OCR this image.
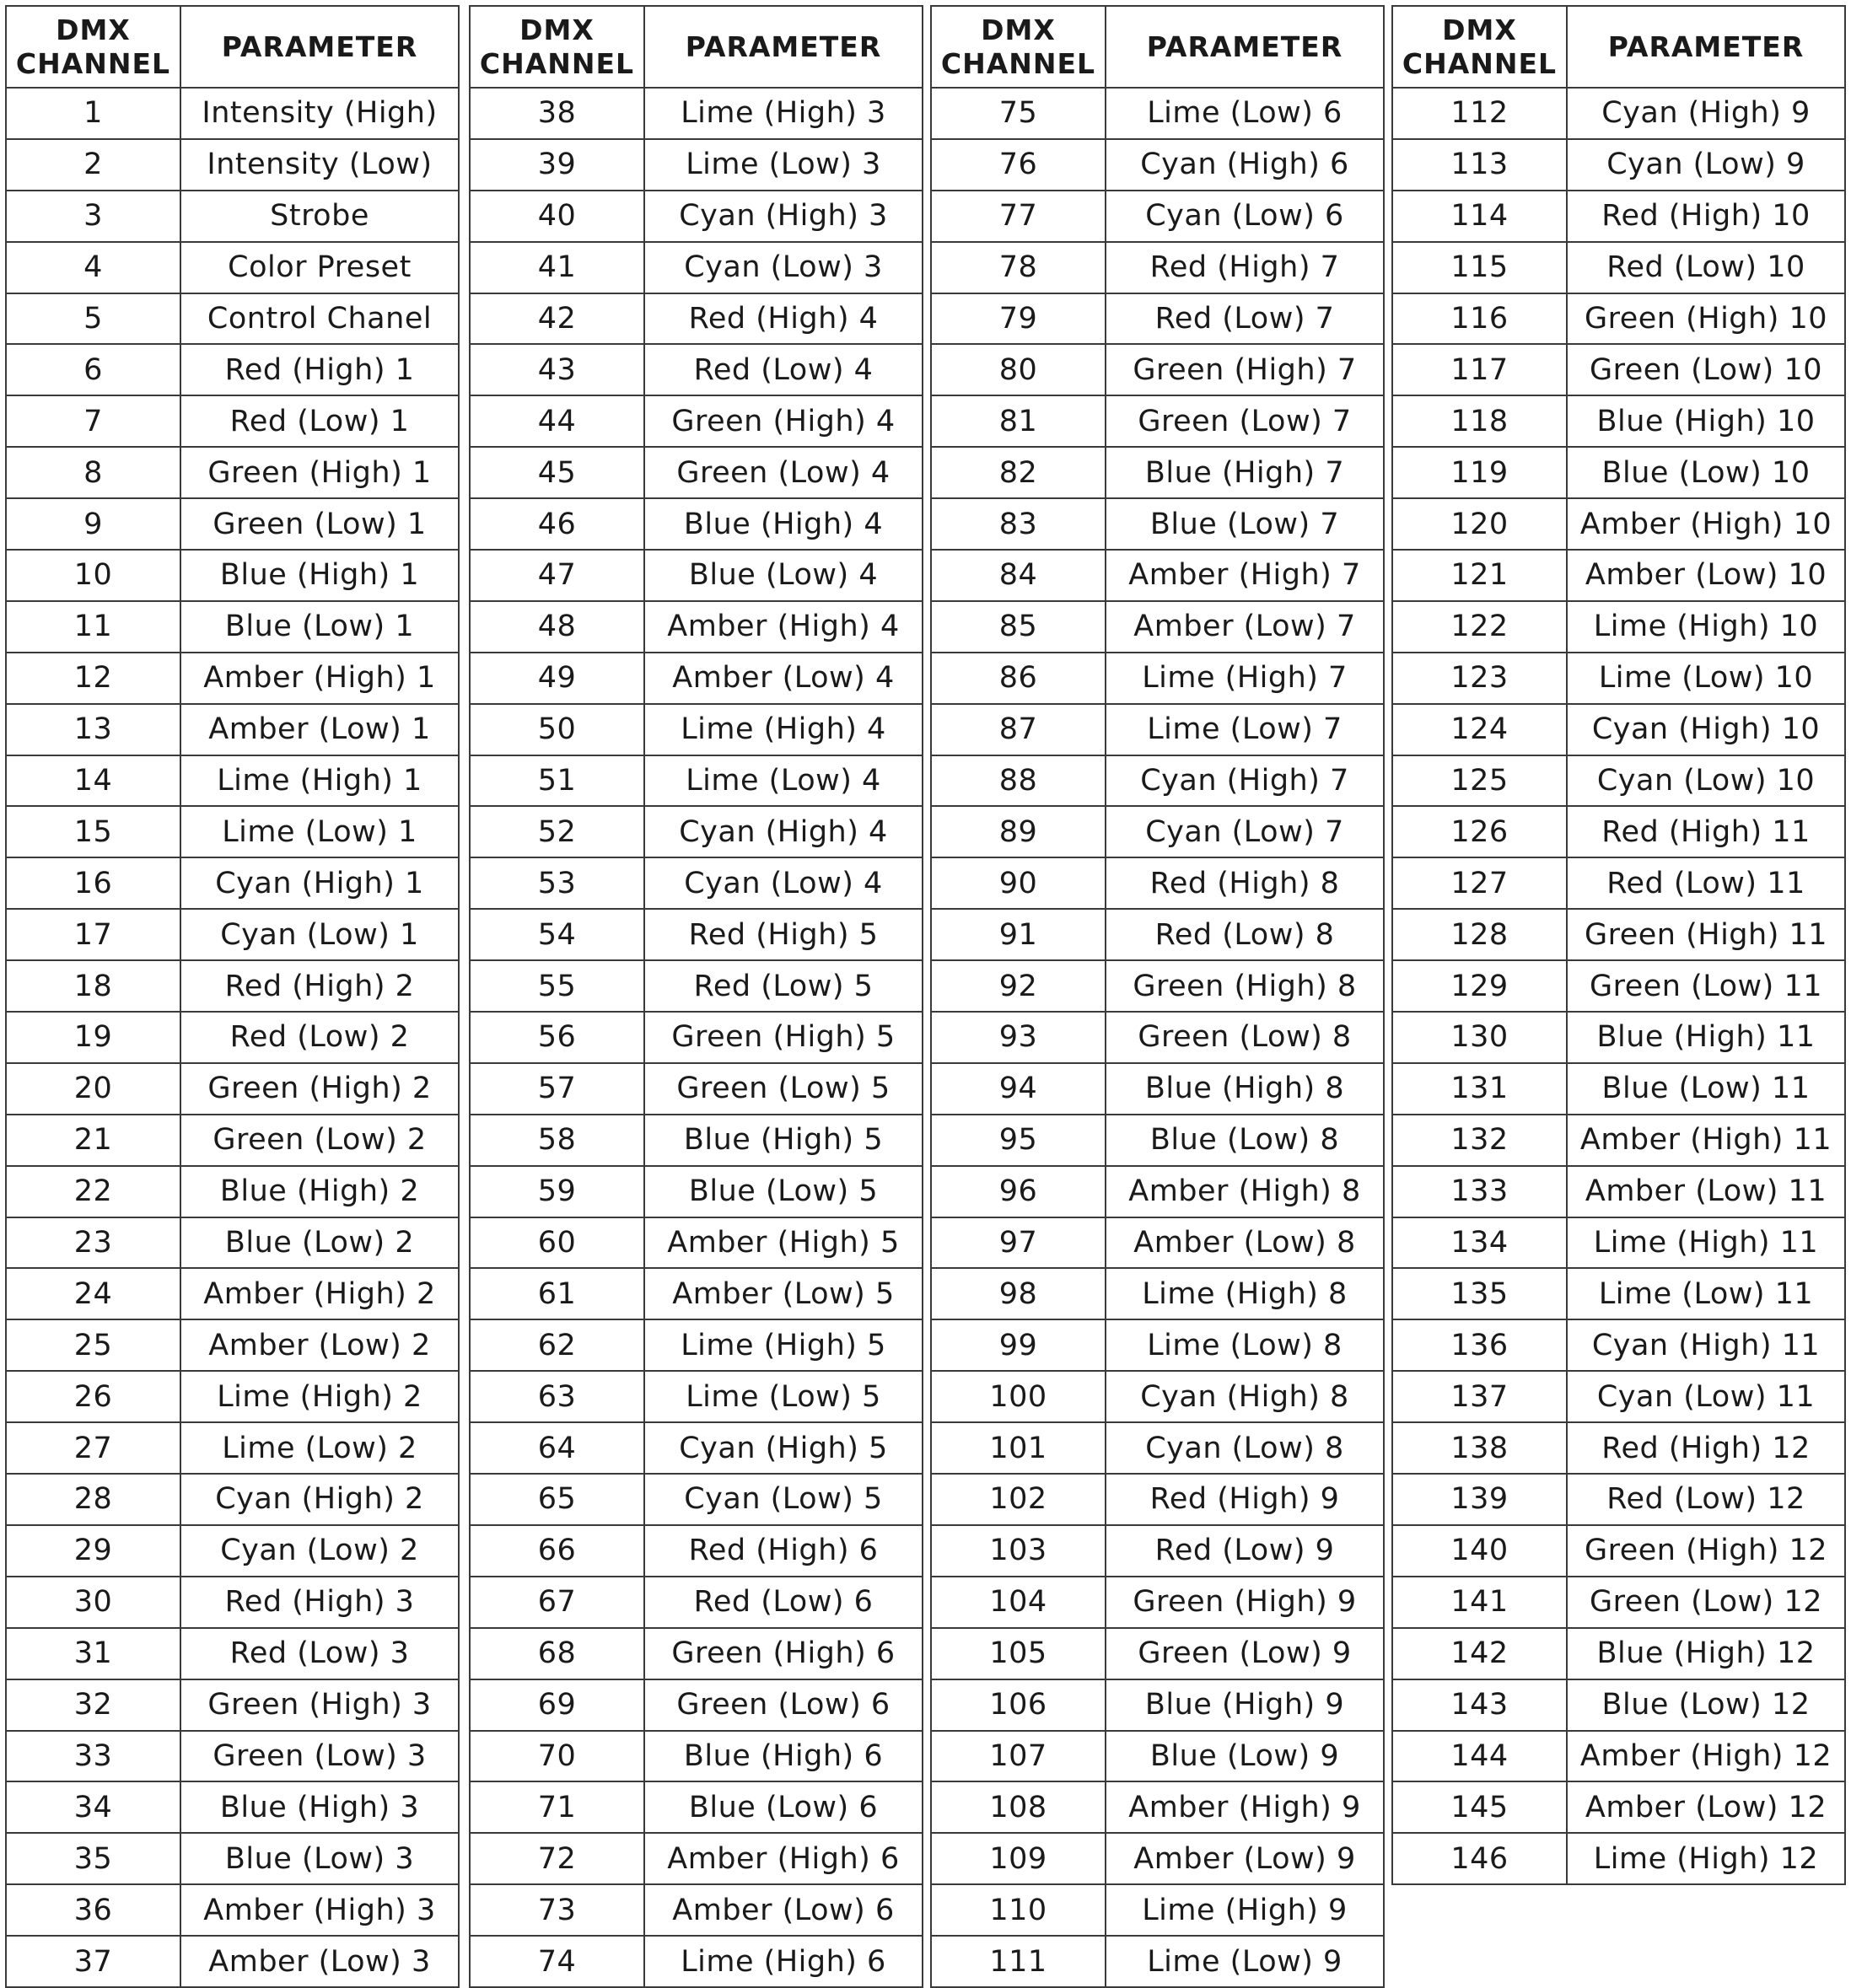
DMX
CHANNEL	PARAMETER
1	Intensity (High)
2	Intensity (Low)
3	Strobe
4	Color Preset
5	Control Chanel
6	Red (High) 1
7	Red (Low) 1
8	Green (High) 1
9	Green (Low) 1
10	Blue (High) 1
11	Blue (Low) 1
12	Amber (High) 1
13	Amber (Low) 1
14	Lime (High) 1
15	Lime (Low) 1
16	Cyan (High) 1
17	Cyan (Low) 1
18	Red (High) 2
19	Red (Low) 2
20	Green (High) 2
21	Green (Low) 2
22	Blue (High) 2
23	Blue (Low) 2
24	Amber (High) 2
25	Amber (Low) 2
26	Lime (High) 2
27	Lime (Low) 2
28	Cyan (High) 2
29	Cyan (Low) 2
30	Red (High) 3
31	Red (Low) 3
32	Green (High) 3
33	Green (Low) 3
34	Blue (High) 3
35	Blue (Low) 3
36	Amber (High) 3
37	Amber (Low) 3
DMX
CHANNEL	PARAMETER
38	Lime (High) 3
39	Lime (Low) 3
40	Cyan (High) 3
41	Cyan (Low) 3
42	Red (High) 4
43	Red (Low) 4
44	Green (High) 4
45	Green (Low) 4
46	Blue (High) 4
47	Blue (Low) 4
48	Amber (High) 4
49	Amber (Low) 4
50	Lime (High) 4
51	Lime (Low) 4
52	Cyan (High) 4
53	Cyan (Low) 4
54	Red (High) 5
55	Red (Low) 5
56	Green (High) 5
57	Green (Low) 5
58	Blue (High) 5
59	Blue (Low) 5
60	Amber (High) 5
61	Amber (Low) 5
62	Lime (High) 5
63	Lime (Low) 5
64	Cyan (High) 5
65	Cyan (Low) 5
66	Red (High) 6
67	Red (Low) 6
68	Green (High) 6
69	Green (Low) 6
70	Blue (High) 6
71	Blue (Low) 6
72	Amber (High) 6
73	Amber (Low) 6
74	Lime (High) 6
DMX
CHANNEL	PARAMETER
75	Lime (Low) 6
76	Cyan (High) 6
77	Cyan (Low) 6
78	Red (High) 7
79	Red (Low) 7
80	Green (High) 7
81	Green (Low) 7
82	Blue (High) 7
83	Blue (Low) 7
84	Amber (High) 7
85	Amber (Low) 7
86	Lime (High) 7
87	Lime (Low) 7
88	Cyan (High) 7
89	Cyan (Low) 7
90	Red (High) 8
91	Red (Low) 8
92	Green (High) 8
93	Green (Low) 8
94	Blue (High) 8
95	Blue (Low) 8
96	Amber (High) 8
97	Amber (Low) 8
98	Lime (High) 8
99	Lime (Low) 8
100	Cyan (High) 8
101	Cyan (Low) 8
102	Red (High) 9
103	Red (Low) 9
104	Green (High) 9
105	Green (Low) 9
106	Blue (High) 9
107	Blue (Low) 9
108	Amber (High) 9
109	Amber (Low) 9
110	Lime (High) 9
111	Lime (Low) 9
DMX
CHANNEL	PARAMETER
112	Cyan (High) 9
113	Cyan (Low) 9
114	Red (High) 10
115	Red (Low) 10
116	Green (High) 10
117	Green (Low) 10
118	Blue (High) 10
119	Blue (Low) 10
120	Amber (High) 10
121	Amber (Low) 10
122	Lime (High) 10
123	Lime (Low) 10
124	Cyan (High) 10
125	Cyan (Low) 10
126	Red (High) 11
127	Red (Low) 11
128	Green (High) 11
129	Green (Low) 11
130	Blue (High) 11
131	Blue (Low) 11
132	Amber (High) 11
133	Amber (Low) 11
134	Lime (High) 11
135	Lime (Low) 11
136	Cyan (High) 11
137	Cyan (Low) 11
138	Red (High) 12
139	Red (Low) 12
140	Green (High) 12
141	Green (Low) 12
142	Blue (High) 12
143	Blue (Low) 12
144	Amber (High) 12
145	Amber (Low) 12
146	Lime (High) 12
